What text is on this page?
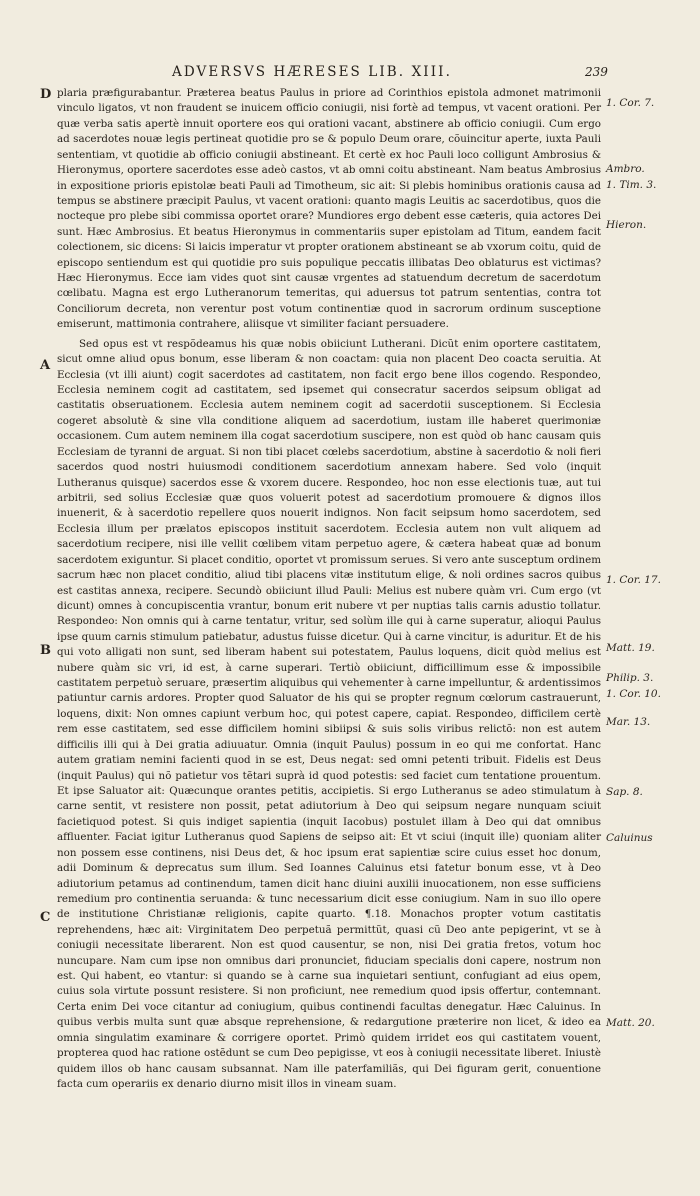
ADVERSVS HÆRESES LIB. XIII.	239
D
A
B
C

plaria præfigurabantur. Præterea beatus Paulus in priore ad Corinthios epistola admonet matrimonii vinculo ligatos, vt non fraudent se inuicem officio coniugii, nisi fortè ad tempus, vt vacent orationi. Per quæ verba satis apertè innuit oportere eos qui orationi vacant, abstinere ab officio coniugii. Cum ergo ad sacerdotes nouæ legis pertineat quotidie pro se & populo Deum orare, cõuincitur aperte, iuxta Pauli sententiam, vt quotidie ab officio coniugii abstineant. Et certè ex hoc Pauli loco colligunt Ambrosius & Hieronymus, oportere sacerdotes esse adeò castos, vt ab omni coitu abstineant. Nam beatus Ambrosius in expositione prioris epistolæ beati Pauli ad Timotheum, sic ait: Si plebis hominibus orationis causa ad tempus se abstinere præcipit Paulus, vt vacent orationi: quanto magis Leuitis ac sacerdotibus, quos die nocteque pro plebe sibi commissa oportet orare? Mundiores ergo debent esse cæteris, quia actores Dei sunt. Hæc Ambrosius. Et beatus Hieronymus in commentariis super epistolam ad Titum, eandem facit colectionem, sic dicens: Si laicis imperatur vt propter orationem abstineant se ab vxorum coitu, quid de episcopo sentiendum est qui quotidie pro suis populique peccatis illibatas Deo oblaturus est victimas? Hæc Hieronymus. Ecce iam vides quot sint causæ vrgentes ad statuendum decretum de sacerdotum cœlibatu. Magna est ergo Lutheranorum temeritas, qui aduersus tot patrum sententias, contra tot Conciliorum decreta, non verentur post votum continentiæ quod in sacrorum ordinum susceptione emiserunt, mattimonia contrahere, aliisque vt similiter faciant persuadere.

Sed opus est vt respõdeamus his quæ nobis obiiciunt Lutherani. Dicũt enim oportere castitatem, sicut omne aliud opus bonum, esse liberam & non coactam: quia non placent Deo coacta seruitia. At Ecclesia (vt illi aiunt) cogit sacerdotes ad castitatem, non facit ergo bene illos cogendo. Respondeo, Ecclesia neminem cogit ad castitatem, sed ipsemet qui consecratur sacerdos seipsum obligat ad castitatis obseruationem. Ecclesia autem neminem cogit ad sacerdotii susceptionem. Si Ecclesia cogeret absolutè & sine vlla conditione aliquem ad sacerdotium, iustam ille haberet querimoniæ occasionem. Cum autem neminem illa cogat sacerdotium suscipere, non est quòd ob hanc causam quis Ecclesiam de tyranni de arguat. Si non tibi placet cœlebs sacerdotium, abstine à sacerdotio & noli fieri sacerdos quod nostri huiusmodi conditionem sacerdotium annexam habere. Sed volo (inquit Lutheranus quisque) sacerdos esse & vxorem ducere. Respondeo, hoc non esse electionis tuæ, aut tui arbitrii, sed solius Ecclesiæ quæ quos voluerit potest ad sacerdotium promouere & dignos illos inuenerit, & à sacerdotio repellere quos nouerit indignos. Non facit seipsum homo sacerdotem, sed Ecclesia illum per prælatos episcopos instituit sacerdotem. Ecclesia autem non vult aliquem ad sacerdotium recipere, nisi ille vellit cœlibem vitam perpetuo agere, & cætera habeat quæ ad bonum sacerdotem exiguntur. Si placet conditio, oportet vt promissum serues. Si vero ante susceptum ordinem sacrum hæc non placet conditio, aliud tibi placens vitæ institutum elige, & noli ordines sacros quibus est castitas annexa, recipere. Secundò obiiciunt illud Pauli: Melius est nubere quàm vri. Cum ergo (vt dicunt) omnes à concupiscentia vrantur, bonum erit nubere vt per nuptias talis carnis adustio tollatur. Respondeo: Non omnis qui à carne tentatur, vritur, sed solùm ille qui à carne superatur, alioqui Paulus ipse quum carnis stimulum patiebatur, adustus fuisse dicetur. Qui à carne vincitur, is aduritur. Et de his qui voto alligati non sunt, sed liberam habent sui potestatem, Paulus loquens, dicit quòd melius est nubere quàm sic vri, id est, à carne superari. Tertiò obiiciunt, difficillimum esse & impossibile castitatem perpetuò seruare, præsertim aliquibus qui vehementer à carne impelluntur, & ardentissimos patiuntur carnis ardores. Propter quod Saluator de his qui se propter regnum cœlorum castrauerunt, loquens, dixit: Non omnes capiunt verbum hoc, qui potest capere, capiat. Respondeo, difficilem certè rem esse castitatem, sed esse difficilem homini sibiipsi & suis solis viribus relictõ: non est autem difficilis illi qui à Dei gratia adiuuatur. Omnia (inquit Paulus) possum in eo qui me confortat. Hanc autem gratiam nemini facienti quod in se est, Deus negat: sed omni petenti tribuit. Fidelis est Deus (inquit Paulus) qui nõ patietur vos tẽtari suprà id quod potestis: sed faciet cum tentatione prouentum. Et ipse Saluator ait: Quæcunque orantes petitis, accipietis. Si ergo Lutheranus se adeo stimulatum à carne sentit, vt resistere non possit, petat adiutorium à Deo qui seipsum negare nunquam sciuit facietiquod potest. Si quis indiget sapientia (inquit Iacobus) postulet illam à Deo qui dat omnibus affluenter. Faciat igitur Lutheranus quod Sapiens de seipso ait: Et vt sciui (inquit ille) quoniam aliter non possem esse continens, nisi Deus det, & hoc ipsum erat sapientiæ scire cuius esset hoc donum, adii Dominum & deprecatus sum illum. Sed Ioannes Caluinus etsi fatetur bonum esse, vt à Deo adiutorium petamus ad continendum, tamen dicit hanc diuini auxilii inuocationem, non esse sufficiens remedium pro continentia seruanda: & tunc necessarium dicit esse coniugium. Nam in suo illo opere de institutione Christianæ religionis, capite quarto. ¶.18. Monachos propter votum castitatis reprehendens, hæc ait: Virginitatem Deo perpetuã permittũt, quasi cũ Deo ante pepigerint, vt se à coniugii necessitate liberarent. Non est quod causentur, se non, nisi Dei gratia fretos, votum hoc nuncupare. Nam cum ipse non omnibus dari pronunciet, fiduciam specialis doni capere, nostrum non est. Qui habent, eo vtantur: si quando se à carne sua inquietari sentiunt, confugiant ad eius opem, cuius sola virtute possunt resistere. Si non proficiunt, nee remedium quod ipsis offertur, contemnant. Certa enim Dei voce citantur ad coniugium, quibus continendi facultas denegatur. Hæc Caluinus. In quibus verbis multa sunt quæ absque reprehensione, & redargutione præterire non licet, & ideo ea omnia singulatim examinare & corrigere oportet. Primò quidem irridet eos qui castitatem vouent, propterea quod hac ratione ostẽdunt se cum Deo pepigisse, vt eos à coniugii necessitate liberet. Iniustè quidem illos ob hanc causam subsannat. Nam ille paterfamiliãs, qui Dei figuram gerit, conuentione facta cum operariis ex denario diurno misit illos in vineam suam.

1. Cor. 7.
Ambro.
1. Tim. 3.
Hieron.
1. Cor. 17.
Matt. 19.
Philip. 3.
1. Cor. 10.
Mar. 13.
Sap. 8.
Caluinus
Matt. 20.
